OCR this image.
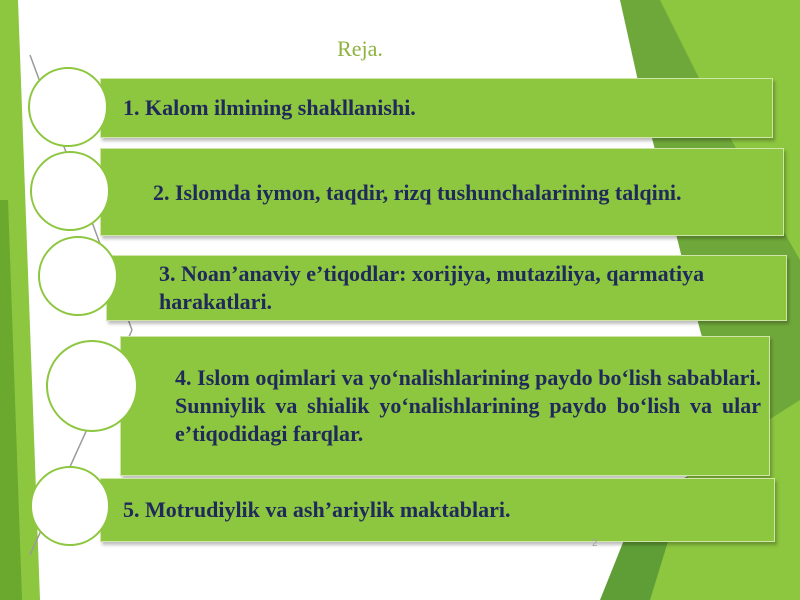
Reja.
1. Kalom ilmining shakllanishi.
2. Islomda iymon, taqdir, rizq tushunchalarining talqini.
3. Noan’anaviy e’tiqodlar: xorijiya, mutaziliya, qarmatiya harakatlari.
4. Islom oqimlari va yo‘nalishlarining paydo bo‘lish sabablari. Sunniylik va shialik yo‘nalishlarining paydo bo‘lish va ular e’tiqodidagi farqlar.
5. Motrudiylik va ash’ariylik maktablari.
2
